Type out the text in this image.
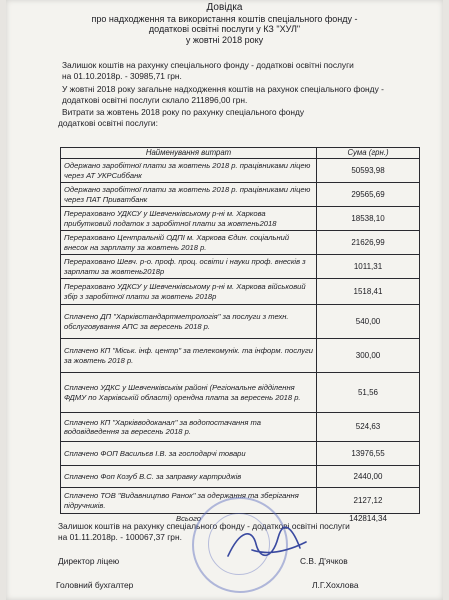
Довідка
про надходження та використання коштів спеціального фонду -
додаткові освітні послуги у КЗ "ХУЛ"
у жовтні 2018 року
Залишок коштів на рахунку спеціального фонду - додаткові освітні послуги
на 01.10.2018р. - 30985,71 грн.
У жовтні 2018 року загальне надходження коштів на рахунок спеціального фонду -
додаткові освітні послуги склало 211896,00 грн.
Витрати за жовтень 2018 року по рахунку спеціального фонду
додаткові освітні послуги:
Найменування витрат	Сума (грн.)
Одержано заробітної плати за жовтень 2018 р. працівниками ліцею через АТ УКРСиббанк	50593,98
Одержано заробітної плати за жовтень 2018 р. працівниками ліцею через ПАТ Приватбанк	29565,69
Перераховано УДКСУ у Шевченківському р-ні м. Харкова прибутковий податок з заробітної плати за жовтень2018	18538,10
Перераховано Центральній ОДПІ м. Харкова Єдин. соціальний внесок на зарплату за жовтень 2018 р.	21626,99
Перераховано Шевч. р-о. проф. проц. освіти і науки проф. внесків з зарплати за жовтень2018р	1011,31
Перераховано УДКСУ у Шевченківському р-ні м. Харкова військовий збір з заробітної плати за жовтень 2018р	1518,41
Сплачено ДП "Харківстандартметрологія" за послуги з техн. обслуговування АПС за вересень 2018 р.	540,00
Сплачено КП "Міськ. інф. центр" за телекомунік. та інформ. послуги за жовтень 2018 р.	300,00
Сплачено УДКС у Шевченківськім районі (Регіональне відділення ФДМУ по Харківській області) орендна плата за вересень 2018 р.	51,56
Сплачено КП "Харківводоканал" за водопостачання та водовідведення за вересень 2018 р.	524,63
Сплачено ФОП Васильєв І.В. за господарчі товари	13976,55
Сплачено Фоп Козуб В.С. за заправку картриджів	2440,00
Сплачено ТОВ "Видавництво Ранок" за одержання та зберігання підручників.	2127,12
Всього	142814,34
Залишок коштів на рахунку спеціального фонду - додаткові освітні послуги
на 01.11.2018р. - 100067,37 грн.
Директор ліцею	С.В. Д'ячков
Головний бухгалтер	Л.Г.Хохлова
